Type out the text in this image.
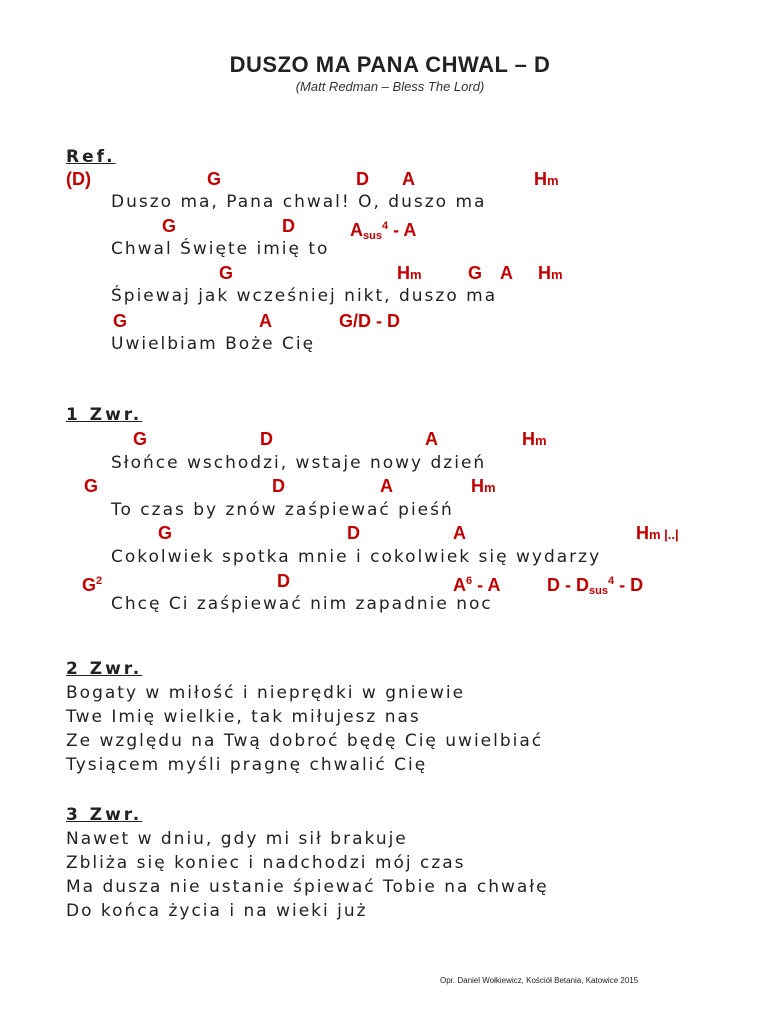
DUSZO MA PANA CHWAL – D
(Matt Redman – Bless The Lord)
Ref.
(D)	G	D A	Hm
Duszo ma, Pana chwal! O, duszo ma
G	D	$A_{sus}^4$ - A
Chwal Święte imię to
G	Hm	G A Hm
Śpiewaj jak wcześniej nikt, duszo ma
G	A	G/D - D
Uwielbiam Boże Cię
1 Zwr.
G	D	A	Hm
Słońce wschodzi, wstaje nowy dzień
G	D	A	Hm
To czas by znów zaśpiewać pieśń
G	D	A	Hm |..|
Cokolwiek spotka mnie i cokolwiek się wydarzy
$G^2$	D	$A^6$ - A	D - $D_{sus}^4$ - D
Chcę Ci zaśpiewać nim zapadnie noc
2 Zwr.
Bogaty w miłość i nieprędki w gniewie
Twe Imię wielkie, tak miłujesz nas
Ze względu na Twą dobroć będę Cię uwielbiać
Tysiącem myśli pragnę chwalić Cię
3 Zwr.
Nawet w dniu, gdy mi sił brakuje
Zbliża się koniec i nadchodzi mój czas
Ma dusza nie ustanie śpiewać Tobie na chwałę
Do końca życia i na wieki już
Opr. Daniel Wołkiewicz, Kościół Betania, Katowice 2015
